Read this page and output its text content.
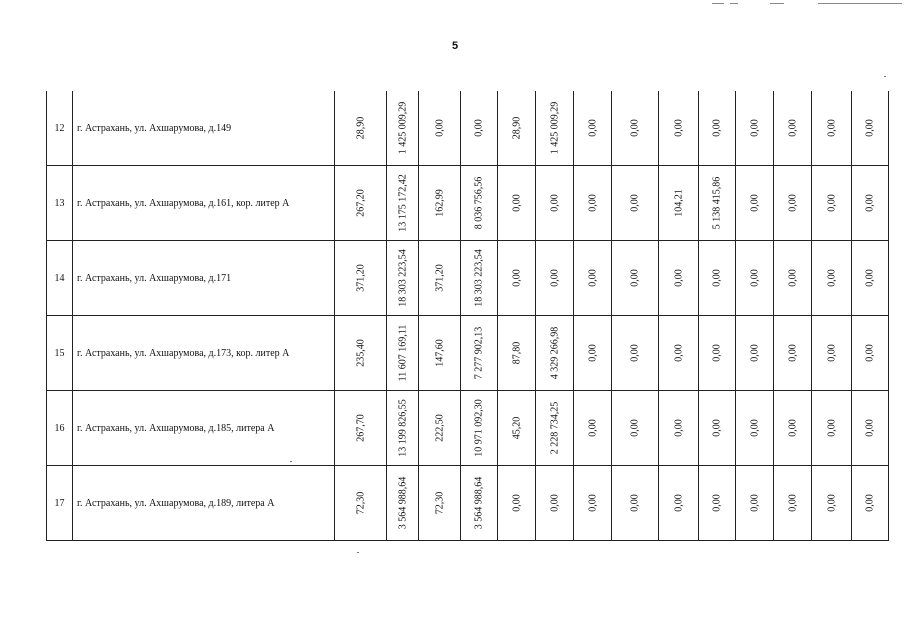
5
12	г. Астрахань, ул. Ахшарумова, д.149	28,90	1 425 009,29	0,00	0,00	28,90	1 425 009,29	0,00	0,00	0,00	0,00	0,00	0,00	0,00	0,00

13	г. Астрахань, ул. Ахшарумова, д.161, кор. литер А	267,20	13 175 172,42	162,99	8 036 756,56	0,00	0,00	0,00	0,00	104,21	5 138 415,86	0,00	0,00	0,00	0,00

14	г. Астрахань, ул. Ахшарумова, д.171	371,20	18 303 223,54	371,20	18 303 223,54	0,00	0,00	0,00	0,00	0,00	0,00	0,00	0,00	0,00	0,00

15	г. Астрахань, ул. Ахшарумова, д.173, кор. литер А	235,40	11 607 169,11	147,60	7 277 902,13	87,80	4 329 266,98	0,00	0,00	0,00	0,00	0,00	0,00	0,00	0,00

16	г. Астрахань, ул. Ахшарумова, д.185, литера А	267,70	13 199 826,55	222,50	10 971 092,30	45,20	2 228 734,25	0,00	0,00	0,00	0,00	0,00	0,00	0,00	0,00

17	г. Астрахань, ул. Ахшарумова, д.189, литера А	72,30	3 564 988,64	72,30	3 564 988,64	0,00	0,00	0,00	0,00	0,00	0,00	0,00	0,00	0,00	0,00
